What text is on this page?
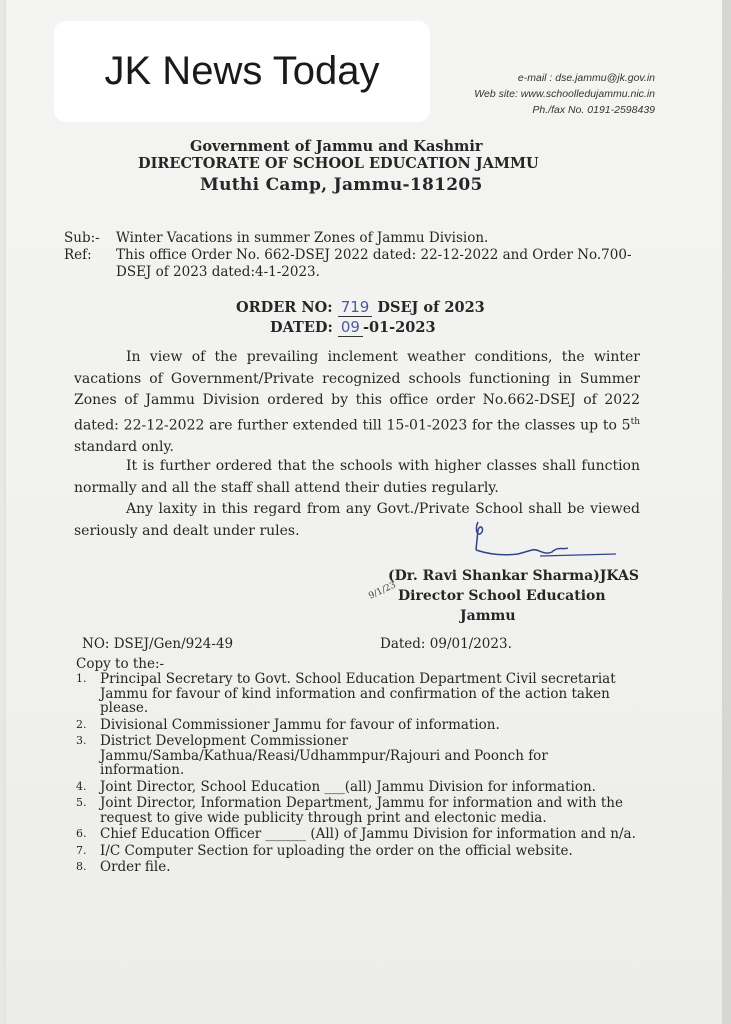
JK News Today	e-mail : dse.jammu@jk.gov.in
Web site: www.schoolledujammu.nic.in
Ph./fax No. 0191-2598439
Government of Jammu and Kashmir
DIRECTORATE OF SCHOOL EDUCATION JAMMU
Muthi Camp, Jammu-181205
Sub:-	Winter Vacations in summer Zones of Jammu Division.
Ref:	This office Order No. 662-DSEJ 2022 dated: 22-12-2022 and Order No.700-DSEJ of 2023 dated:4-1-2023.
ORDER NO: 719 DSEJ of 2023
DATED: 09 -01-2023
In view of the prevailing inclement weather conditions, the winter vacations of Government/Private recognized schools functioning in Summer Zones of Jammu Division ordered by this office order No.662-DSEJ of 2022 dated: 22-12-2022 are further extended till 15-01-2023 for the classes up to 5th standard only.
It is further ordered that the schools with higher classes shall function normally and all the staff shall attend their duties regularly.
Any laxity in this regard from any Govt./Private School shall be viewed seriously and dealt under rules.
(Dr. Ravi Shankar Sharma)JKAS
Director School Education
Jammu
9/1/23
NO: DSEJ/Gen/924-49	Dated: 09/01/2023.
Copy to the:-
1.	Principal Secretary to Govt. School Education Department Civil secretariat Jammu for favour of kind information and confirmation of the action taken please.
2.	Divisional Commissioner Jammu for favour of information.
3.	District Development Commissioner Jammu/Samba/Kathua/Reasi/Udhammpur/Rajouri and Poonch for information.
4.	Joint Director, School Education ___(all) Jammu Division for information.
5.	Joint Director, Information Department, Jammu for information and with the request to give wide publicity through print and electonic media.
6.	Chief Education Officer ______ (All) of Jammu Division for information and n/a.
7.	I/C Computer Section for uploading the order on the official website.
8.	Order file.
